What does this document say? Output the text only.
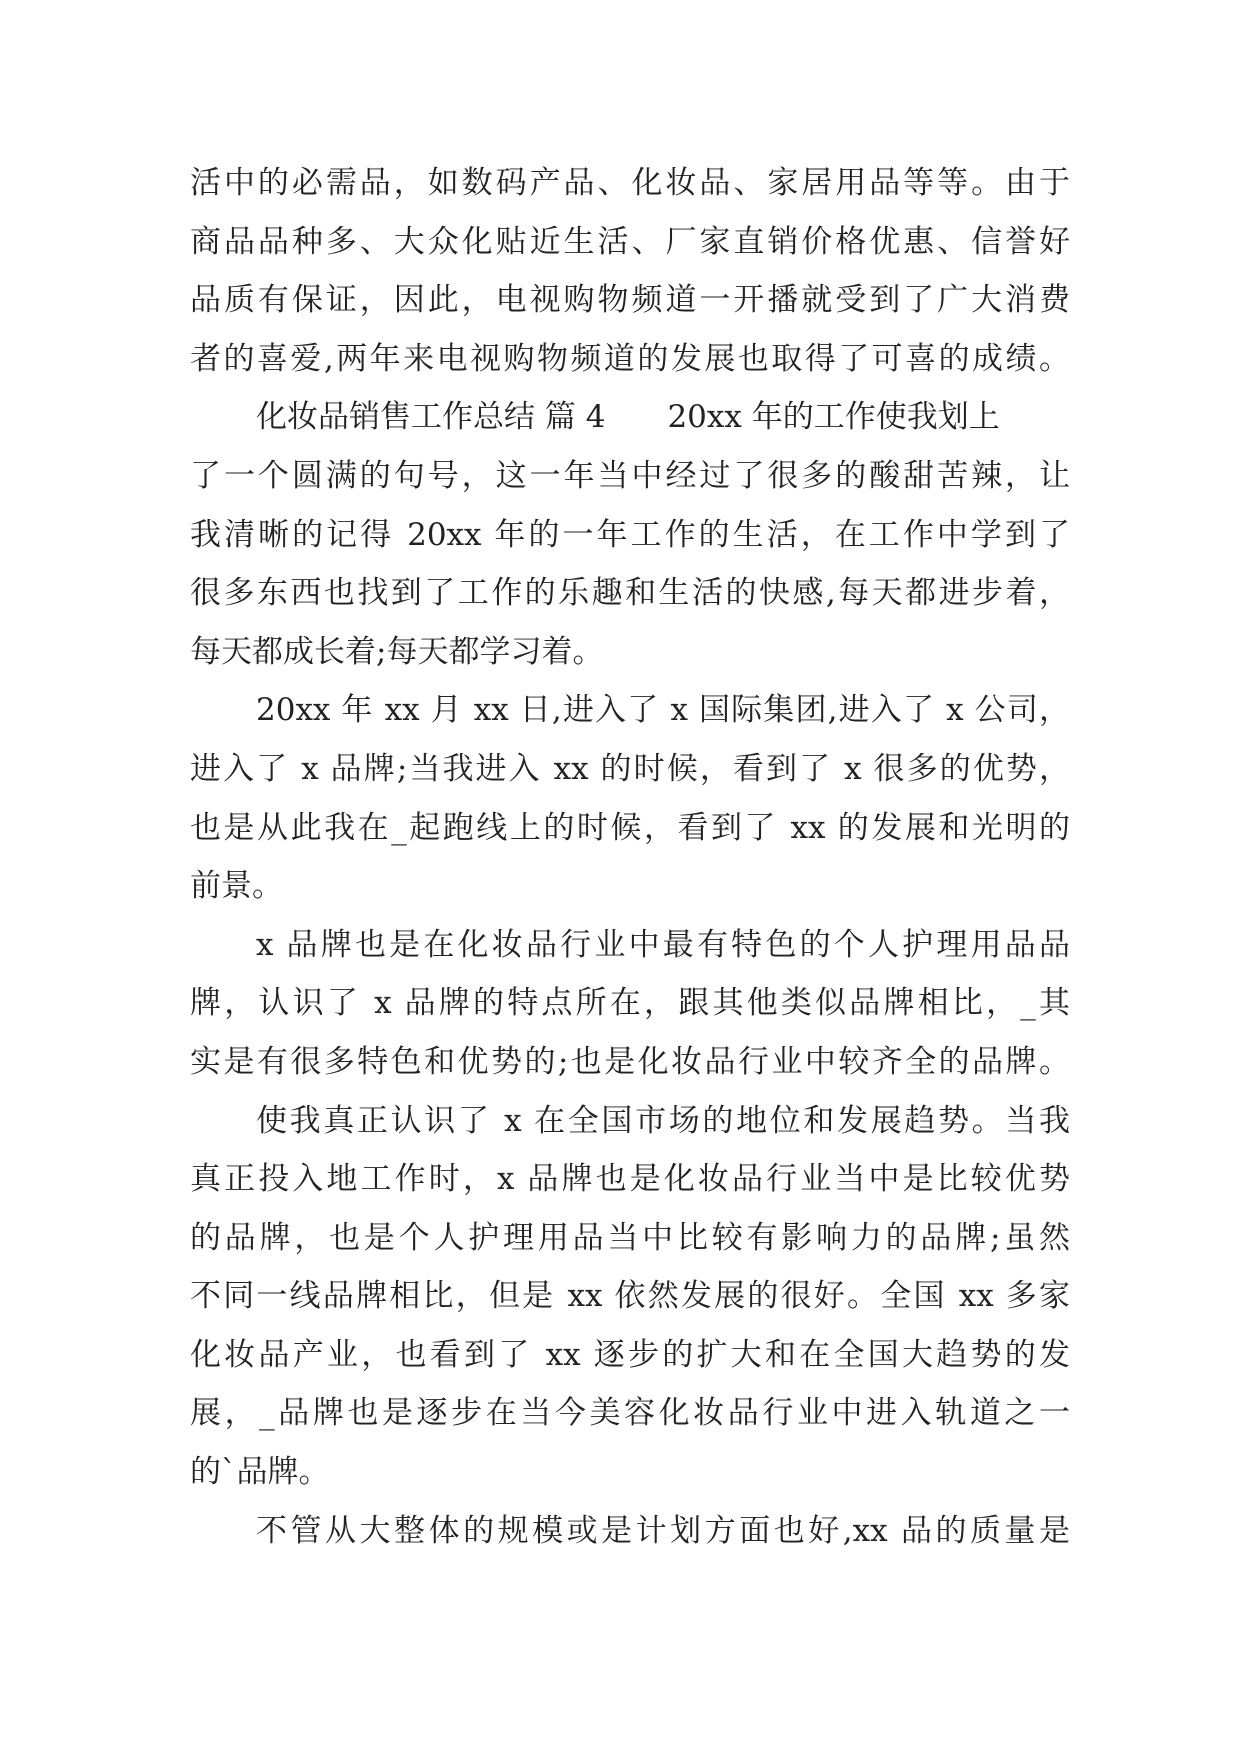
活中的必需品，如数码产品、化妆品、家居用品等等。由于
商品品种多、大众化贴近生活、厂家直销价格优惠、信誉好
品质有保证，因此，电视购物频道一开播就受到了广大消费
者的喜爱,两年来电视购物频道的发展也取得了可喜的成绩。
化妆品销售工作总结 篇 4 20xx 年的工作使我划上
了一个圆满的句号，这一年当中经过了很多的酸甜苦辣，让
我清晰的记得 20xx 年的一年工作的生活，在工作中学到了
很多东西也找到了工作的乐趣和生活的快感,每天都进步着，
每天都成长着;每天都学习着。
20xx 年 xx 月 xx 日,进入了 x 国际集团,进入了 x 公司，
进入了 x 品牌;当我进入 xx 的时候，看到了 x 很多的优势，
也是从此我在_起跑线上的时候，看到了 xx 的发展和光明的
前景。
x 品牌也是在化妆品行业中最有特色的个人护理用品品
牌，认识了 x 品牌的特点所在，跟其他类似品牌相比，_其
实是有很多特色和优势的;也是化妆品行业中较齐全的品牌。
使我真正认识了 x 在全国市场的地位和发展趋势。当我
真正投入地工作时，x 品牌也是化妆品行业当中是比较优势
的品牌，也是个人护理用品当中比较有影响力的品牌;虽然
不同一线品牌相比，但是 xx 依然发展的很好。全国 xx 多家
化妆品产业，也看到了 xx 逐步的扩大和在全国大趋势的发
展，_品牌也是逐步在当今美容化妆品行业中进入轨道之一
的`品牌。
不管从大整体的规模或是计划方面也好,xx 品的质量是
